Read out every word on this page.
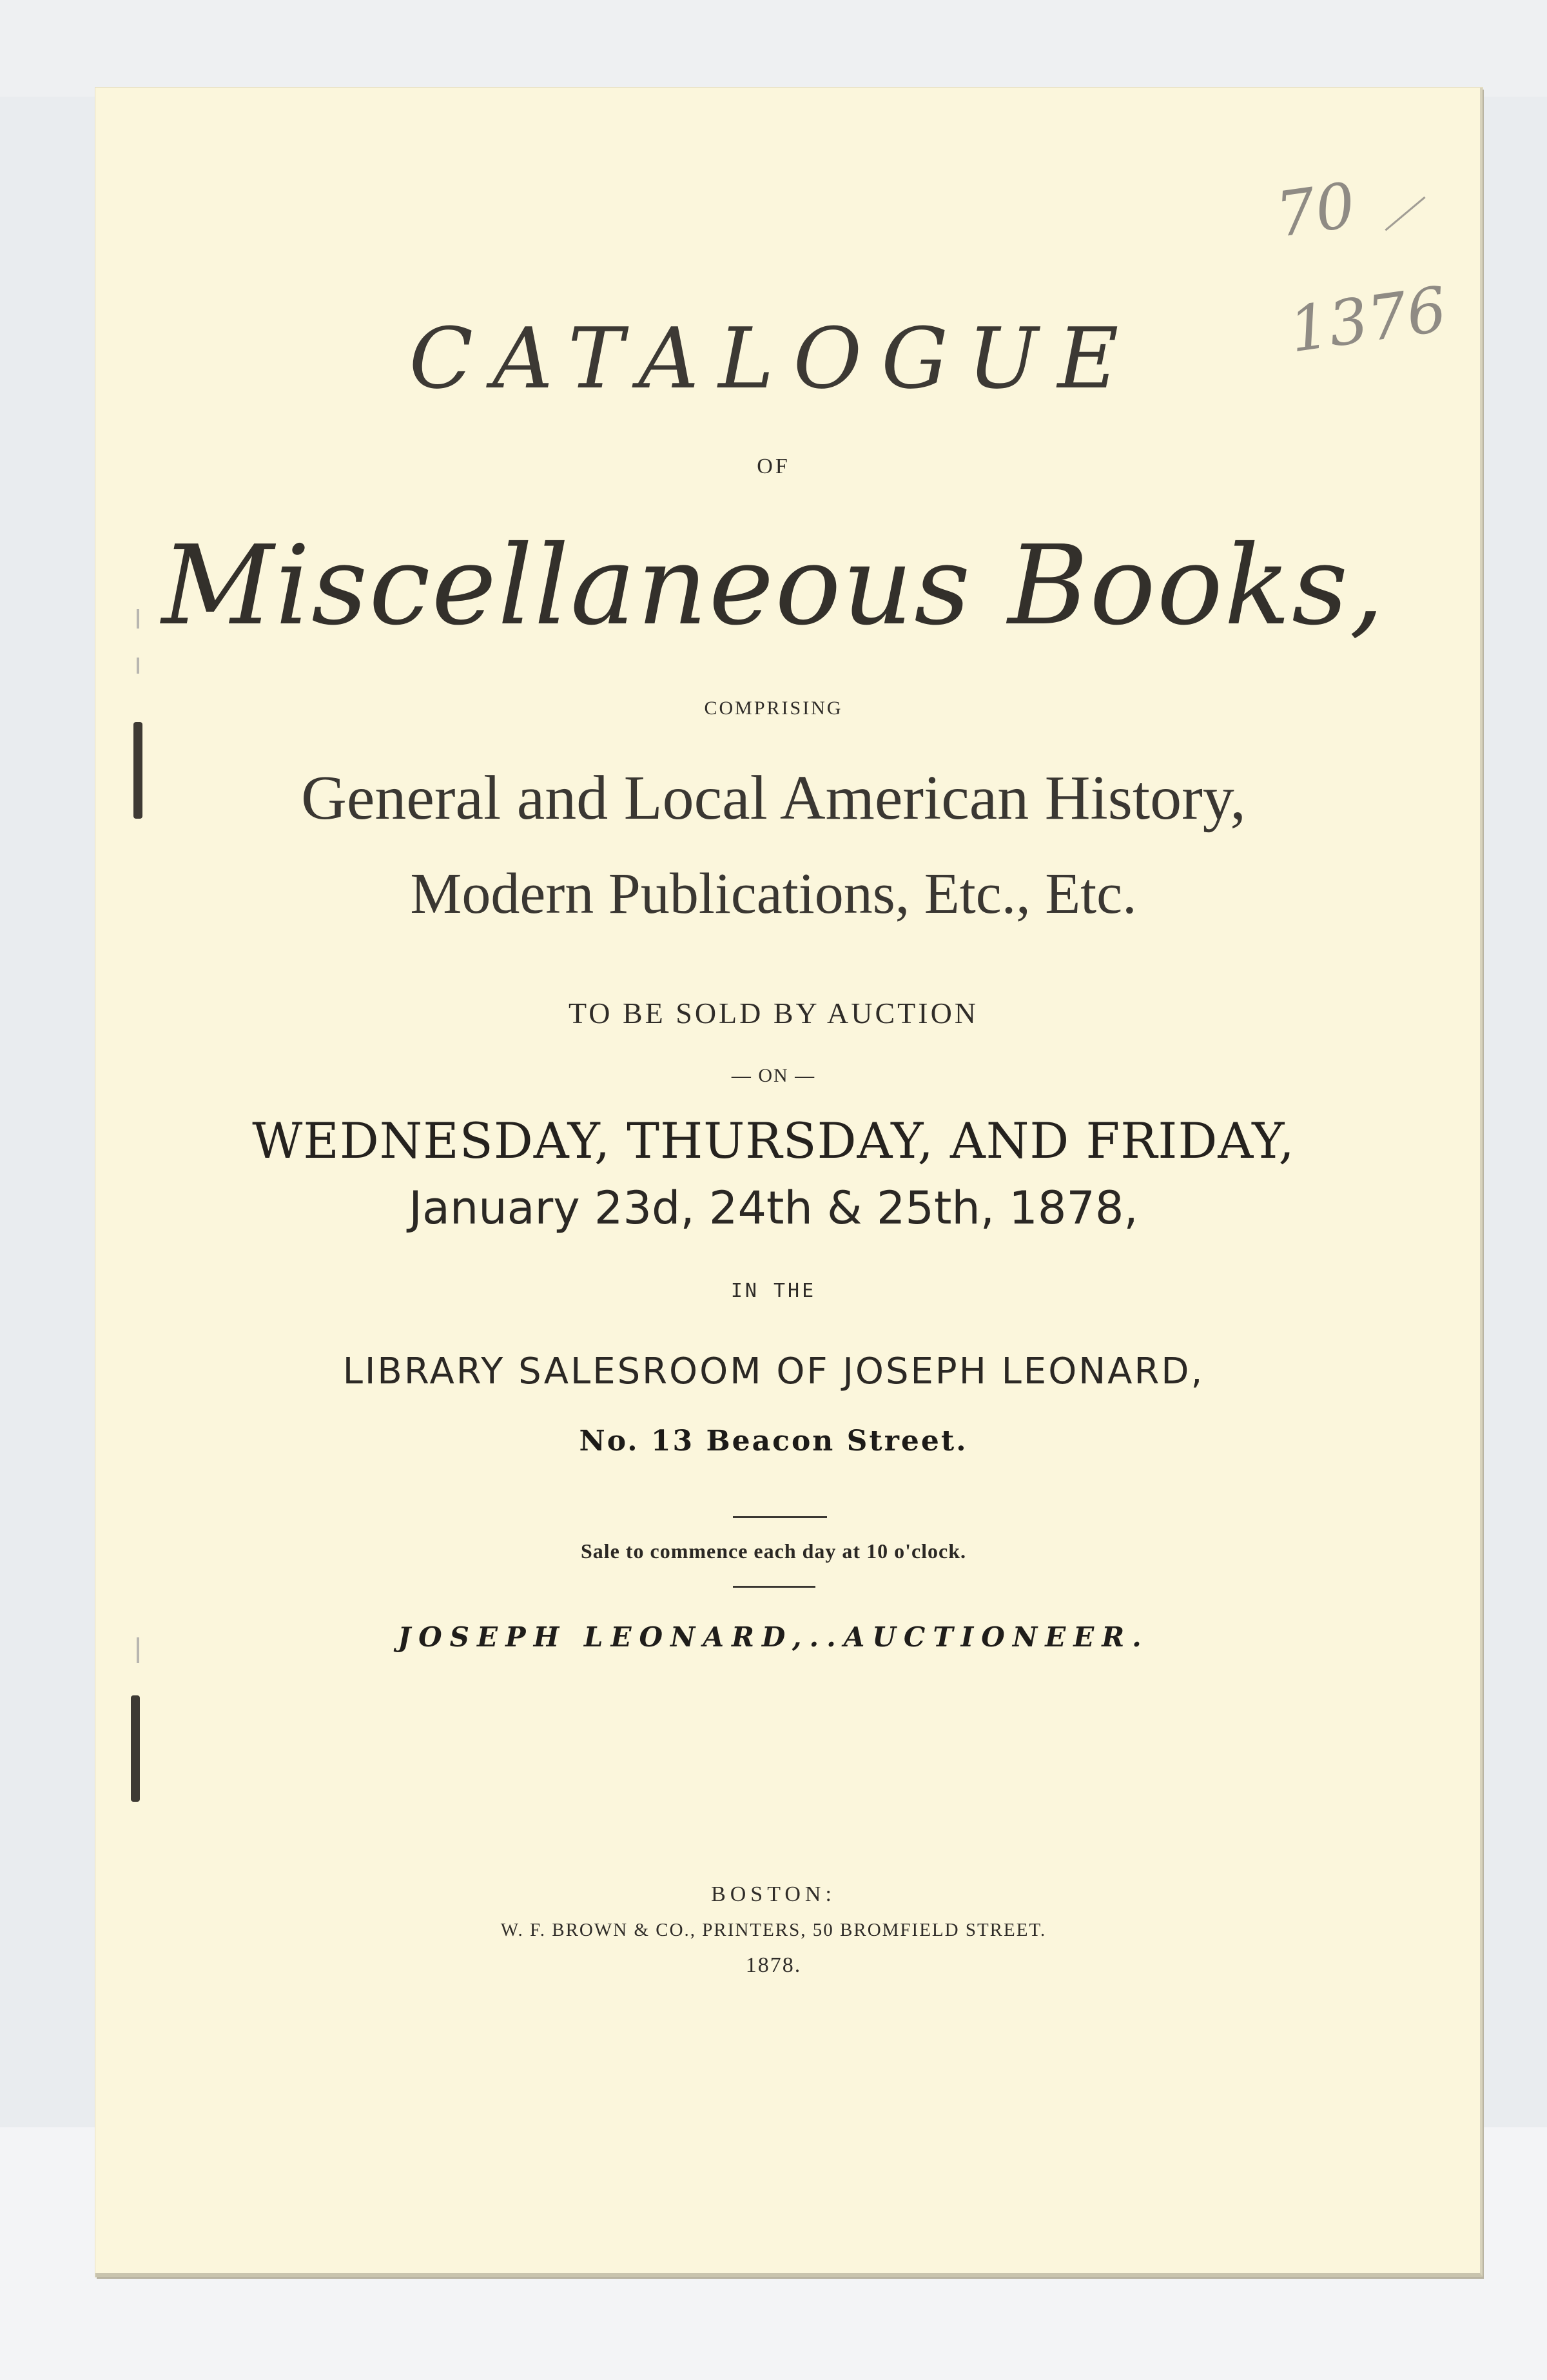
70
1376
CATALOGUE
OF
Miscellaneous Books,
COMPRISING
General and Local American History,
Modern Publications, Etc., Etc.
TO BE SOLD BY AUCTION
— ON —
WEDNESDAY, THURSDAY, AND FRIDAY,
January 23d, 24th & 25th, 1878,
IN THE
LIBRARY SALESROOM OF JOSEPH LEONARD,
No. 13 Beacon Street.
Sale to commence each day at 10 o'clock.
JOSEPH LEONARD,..AUCTIONEER.
BOSTON:
W. F. BROWN & CO., PRINTERS, 50 BROMFIELD STREET.
1878.
